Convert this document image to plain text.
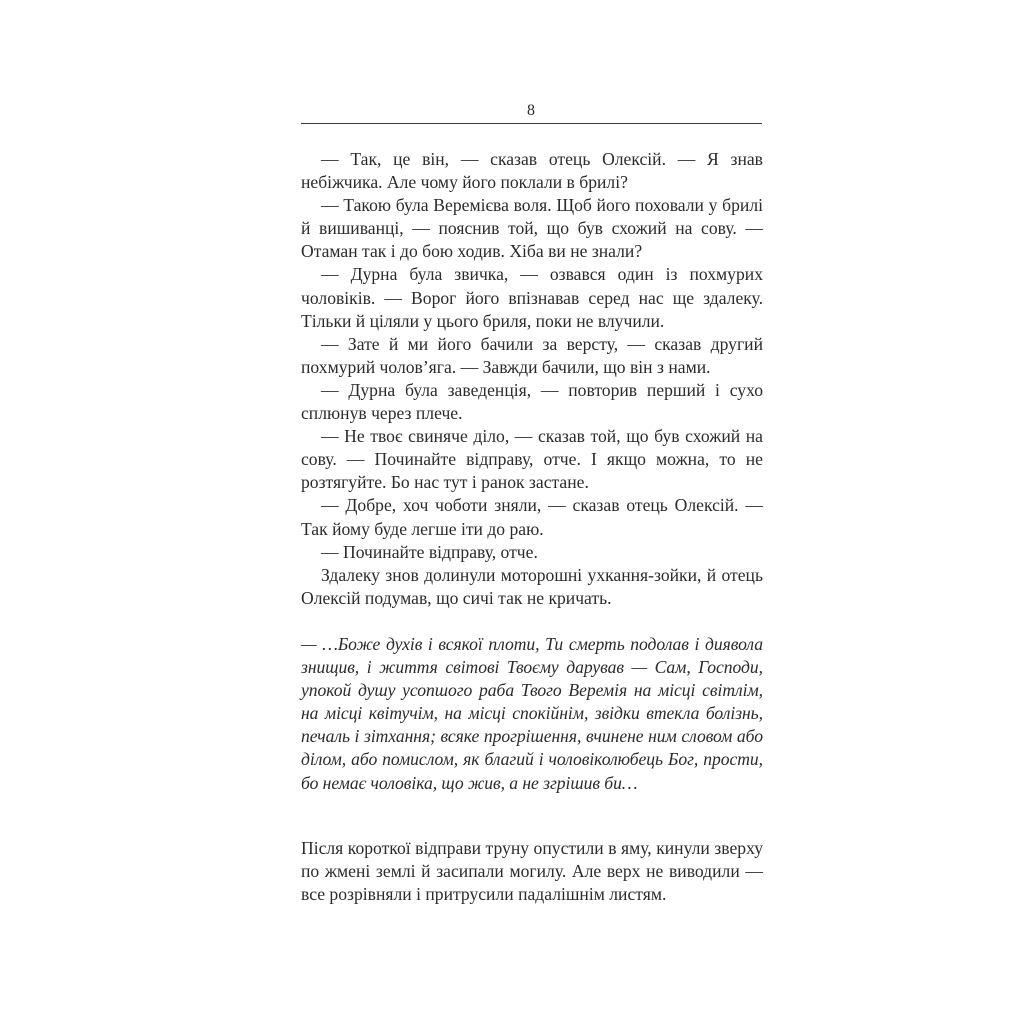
8

— Так, це він, — сказав отець Олексій. — Я знав небіжчика. Але чому його поклали в брилі?

— Такою була Веремієва воля. Щоб його поховали у брилі й вишиванці, — пояснив той, що був схожий на сову. — Отаман так і до бою ходив. Хіба ви не знали?

— Дурна була звичка, — озвався один із похмурих чоловіків. — Ворог його впізнавав серед нас ще здалеку. Тільки й ціляли у цього бриля, поки не влучили.

— Зате й ми його бачили за версту, — сказав другий похмурий чолов’яга. — Завжди бачили, що він з нами.

— Дурна була заведенція, — повторив перший і сухо сплюнув через плече.

— Не твоє свиняче діло, — сказав той, що був схожий на сову. — Починайте відправу, отче. І якщо можна, то не розтягуйте. Бо нас тут і ранок застане.

— Добре, хоч чоботи зняли, — сказав отець Олексій. — Так йому буде легше іти до раю.

— Починайте відправу, отче.

Здалеку знов долинули моторошні ухкання-зойки, й отець Олексій подумав, що сичі так не кричать.

— …Боже духів і всякої плоти, Ти смерть подолав і диявола знищив, і життя світові Твоєму дарував — Сам, Господи, упокой душу усопшого раба Твого Веремія на місці світлім, на місці квітучім, на місці спокійнім, звідки втекла болізнь, печаль і зітхання; всяке прогрішення, вчинене ним словом або ділом, або помислом, як благий і чоловіколюбець Бог, прости, бо немає чоловіка, що жив, а не згрішив би…

Після короткої відправи труну опустили в яму, кинули зверху по жмені землі й засипали могилу. Але верх не виводили — все розрівняли і притрусили падалішнім листям.
